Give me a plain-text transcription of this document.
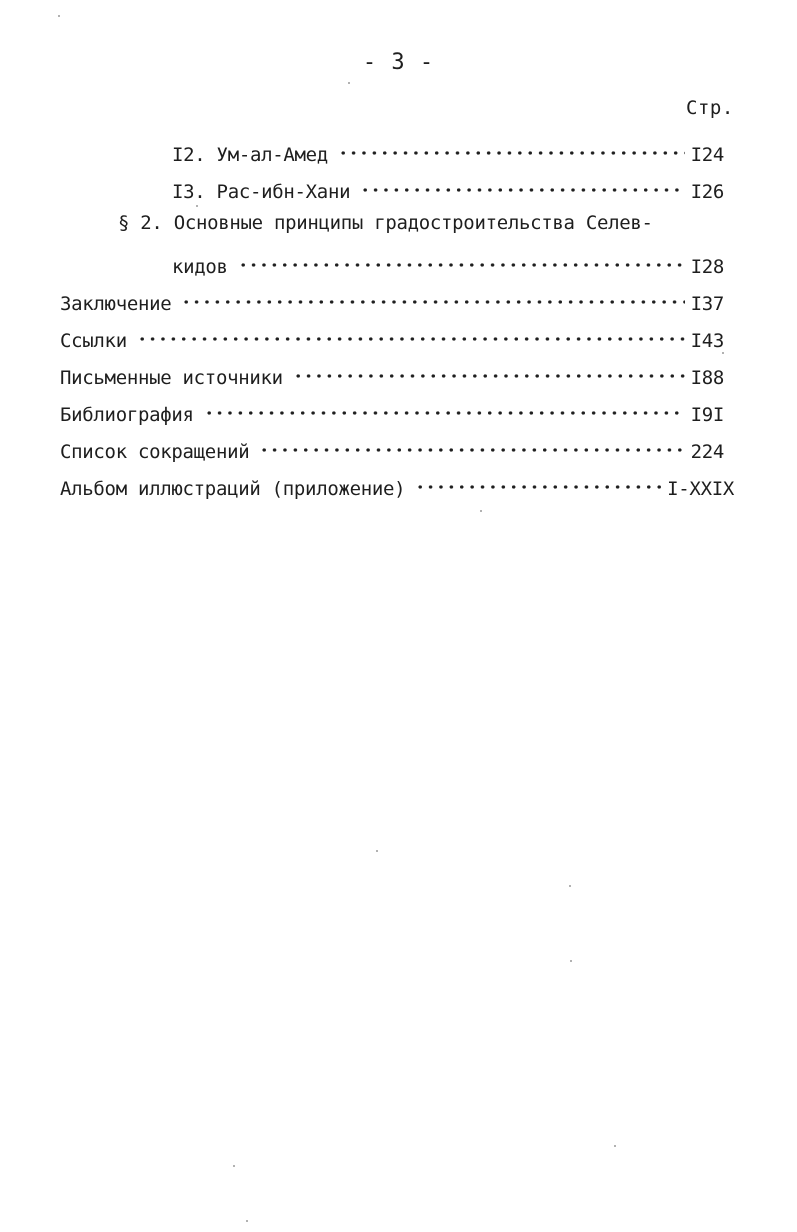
- 3 -
Стр.
I2. Ум-ал-Амед	I24
I3. Рас-ибн-Хани	I26
§ 2. Основные принципы градостроительства Селев-
кидов	I28
Заключение	I37
Ссылки	I43
Письменные источники	I88
Библиография	I9I
Список сокращений	224
Альбом иллюстраций (приложение)	I-XXIX
